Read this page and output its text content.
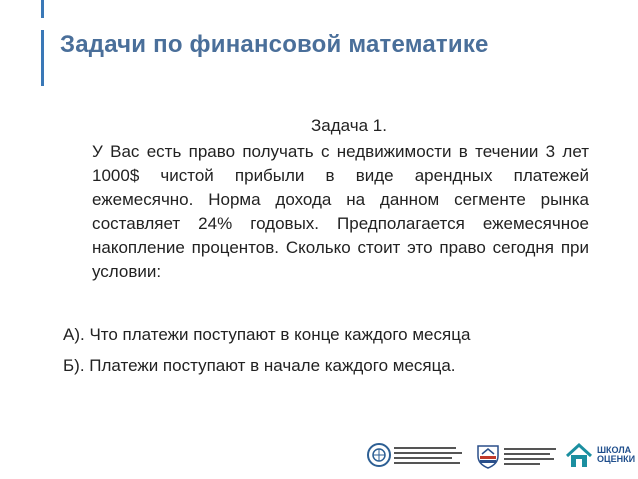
Задачи по финансовой математике
Задача 1.
У Вас есть право получать с недвижимости в течении 3 лет 1000$ чистой прибыли в виде арендных платежей ежемесячно. Норма дохода на данном сегменте рынка составляет 24% годовых. Предполагается ежемесячное накопление процентов. Сколько стоит это право сегодня при условии:
А). Что платежи поступают в конце каждого месяца
Б). Платежи поступают в начале каждого месяца.
ШКОЛА
ОЦЕНКИ
